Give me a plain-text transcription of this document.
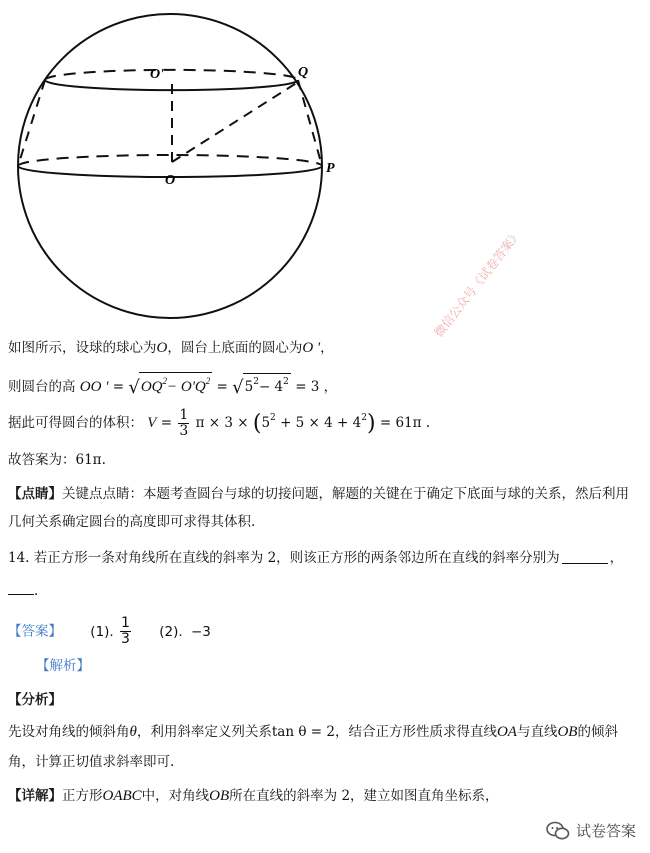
O'	Q
O
P
微信公众号《试卷答案》
如图所示，设球的球心为O，圆台上底面的圆心为O '，
则圆台的高 OO ' = $√OQ^2- O'Q^2 = √5^2- 4^2 = 3$ ，
据此可得圆台的体积： $V = \frac{1}{3}$ $\pi \times 3 \times (5^2 + 5 \times 4 + 4^2) = 61\pi$ .
故答案为：61π.
【点睛】关键点点睛：本题考查圆台与球的切接问题，解题的关键在于确定下底面与球的关系，然后利用
几何关系确定圆台的高度即可求得其体积.
14. 若正方形一条对角线所在直线的斜率为 2，则该正方形的两条邻边所在直线的斜率分别为	，
.
【答案】 (1). $\frac{1}{3} (2)$. −3
【解析】
【分析】
先设对角线的倾斜角θ，利用斜率定义列关系tan θ = 2，结合正方形性质求得直线OA与直线OB的倾斜
角，计算正切值求斜率即可.
【详解】正方形OABC中，对角线OB所在直线的斜率为 2，建立如图直角坐标系，
试卷答案
